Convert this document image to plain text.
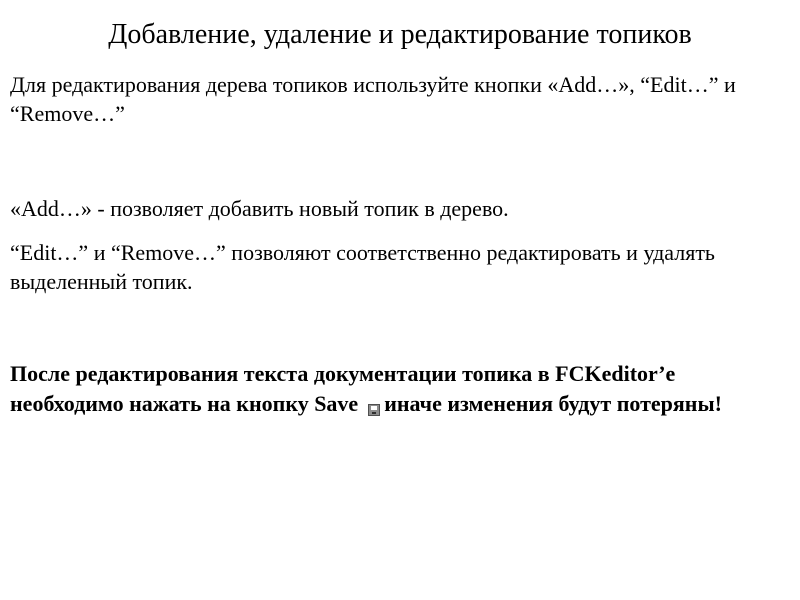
Добавление, удаление и редактирование топиков
Для редактирования дерева топиков используйте кнопки «Add…», “Edit…” и “Remove…”
«Add…» - позволяет добавить новый топик в дерево.
“Edit…” и “Remove…” позволяют соответственно редактировать и удалять выделенный топик.
После редактирования текста документации топика в FCKeditor’е необходимо нажать на кнопку Save иначе изменения будут потеряны!
